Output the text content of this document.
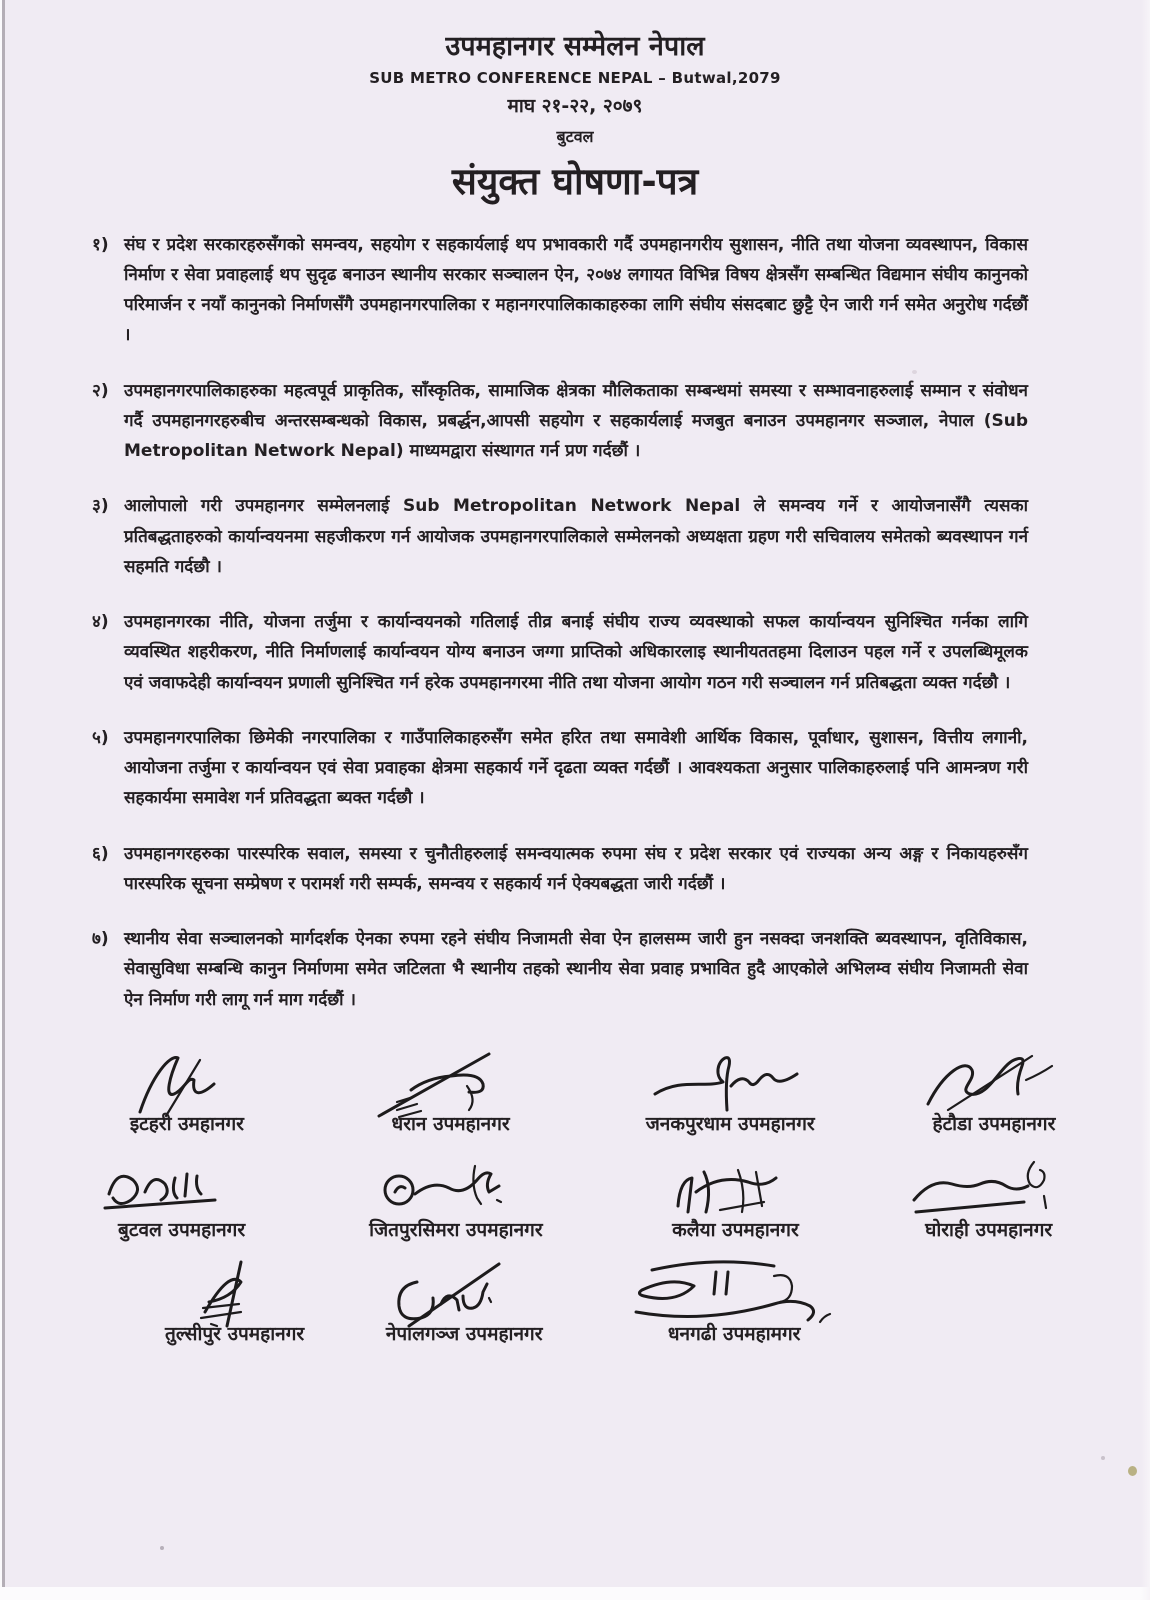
उपमहानगर सम्मेलन नेपाल
SUB METRO CONFERENCE NEPAL – Butwal,2079
माघ २१-२२, २०७९
बुटवल
संयुक्त घोषणा-पत्र
१) संघ र प्रदेश सरकारहरुसँगको समन्वय, सहयोग र सहकार्यलाई थप प्रभावकारी गर्दै उपमहानगरीय सुशासन, नीति तथा योजना व्यवस्थापन, विकास निर्माण र सेवा प्रवाहलाई थप सुदृढ बनाउन स्थानीय सरकार सञ्चालन ऐन, २०७४ लगायत विभिन्न विषय क्षेत्रसँग सम्बन्धित विद्यमान संघीय कानुनको परिमार्जन र नयाँ कानुनको निर्माणसँगै उपमहानगरपालिका र महानगरपालिकाकाहरुका लागि संघीय संसदबाट छुट्टै ऐन जारी गर्न समेत अनुरोध गर्दछौं ।
२) उपमहानगरपालिकाहरुका महत्वपूर्व प्राकृतिक, साँस्कृतिक, सामाजिक क्षेत्रका मौलिकताका सम्बन्धमां समस्या र सम्भावनाहरुलाई सम्मान र संवोधन गर्दै उपमहानगरहरुबीच अन्तरसम्बन्धको विकास, प्रबर्द्धन,आपसी सहयोग र सहकार्यलाई मजबुत बनाउन उपमहानगर सञ्जाल, नेपाल (Sub Metropolitan Network Nepal) माध्यमद्वारा संस्थागत गर्न प्रण गर्दछौं ।
३) आलोपालो गरी उपमहानगर सम्मेलनलाई Sub Metropolitan Network Nepal ले समन्वय गर्ने र आयोजनासँगै त्यसका प्रतिबद्धताहरुको कार्यान्वयनमा सहजीकरण गर्न आयोजक उपमहानगरपालिकाले सम्मेलनको अध्यक्षता ग्रहण गरी सचिवालय समेतको ब्यवस्थापन गर्न सहमति गर्दछौ ।
४) उपमहानगरका नीति, योजना तर्जुमा र कार्यान्वयनको गतिलाई तीव्र बनाई संघीय राज्य व्यवस्थाको सफल कार्यान्वयन सुनिश्चित गर्नका लागि व्यवस्थित शहरीकरण, नीति निर्माणलाई कार्यान्वयन योग्य बनाउन जग्गा प्राप्तिको अधिकारलाइ स्थानीयततहमा दिलाउन पहल गर्ने र उपलब्धिमूलक एवं जवाफदेही कार्यान्वयन प्रणाली सुनिश्चित गर्न हरेक उपमहानगरमा नीति तथा योजना आयोग गठन गरी सञ्चालन गर्न प्रतिबद्धता व्यक्त गर्दछौ ।
५) उपमहानगरपालिका छिमेकी नगरपालिका र गाउँपालिकाहरुसँग समेत हरित तथा समावेशी आर्थिक विकास, पूर्वाधार, सुशासन, वित्तीय लगानी, आयोजना तर्जुमा र कार्यान्वयन एवं सेवा प्रवाहका क्षेत्रमा सहकार्य गर्ने दृढता व्यक्त गर्दछौं । आवश्यकता अनुसार पालिकाहरुलाई पनि आमन्त्रण गरी सहकार्यमा समावेश गर्न प्रतिवद्धता ब्यक्त गर्दछौ ।
६) उपमहानगरहरुका पारस्परिक सवाल, समस्या र चुनौतीहरुलाई समन्वयात्मक रुपमा संघ र प्रदेश सरकार एवं राज्यका अन्य अङ्ग र निकायहरुसँग पारस्परिक सूचना सम्प्रेषण र परामर्श गरी सम्पर्क, समन्वय र सहकार्य गर्न ऐक्यबद्धता जारी गर्दछौं ।
७) स्थानीय सेवा सञ्चालनको मार्गदर्शक ऐनका रुपमा रहने संघीय निजामती सेवा ऐन हालसम्म जारी हुन नसक्दा जनशक्ति ब्यवस्थापन, वृतिविकास, सेवासुविधा सम्बन्धि कानुन निर्माणमा समेत जटिलता भै स्थानीय तहको स्थानीय सेवा प्रवाह प्रभावित हुदै आएकोले अभिलम्व संघीय निजामती सेवा ऐन निर्माण गरी लागू गर्न माग गर्दछौं ।
इटहरी उमहानगर	धरान उपमहानगर	जनकपुरधाम उपमहानगर	हेटौडा उपमहानगर
बुटवल उपमहानगर	जितपुरसिमरा उपमहानगर	कलैया उपमहानगर	घोराही उपमहानगर
तुल्सीपुर उपमहानगर	नेपालगञ्ज उपमहानगर	धनगढी उपमहामगर
